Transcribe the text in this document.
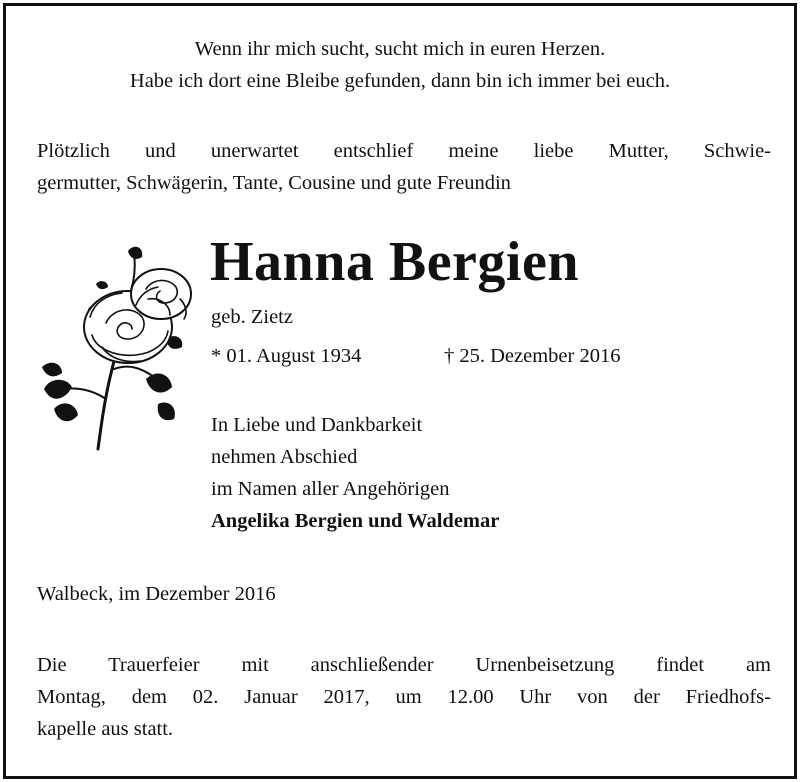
Wenn ihr mich sucht, sucht mich in euren Herzen.
Habe ich dort eine Bleibe gefunden, dann bin ich immer bei euch.
Plötzlich und unerwartet entschlief meine liebe Mutter, Schwie-
germutter, Schwägerin, Tante, Cousine und gute Freundin
Hanna Bergien
geb. Zietz
* 01. August 1934	† 25. Dezember 2016
In Liebe und Dankbarkeit
nehmen Abschied
im Namen aller Angehörigen
Angelika Bergien und Waldemar
Walbeck, im Dezember 2016
Die Trauerfeier mit anschließender Urnenbeisetzung findet am
Montag, dem 02. Januar 2017, um 12.00 Uhr von der Friedhofs-
kapelle aus statt.
